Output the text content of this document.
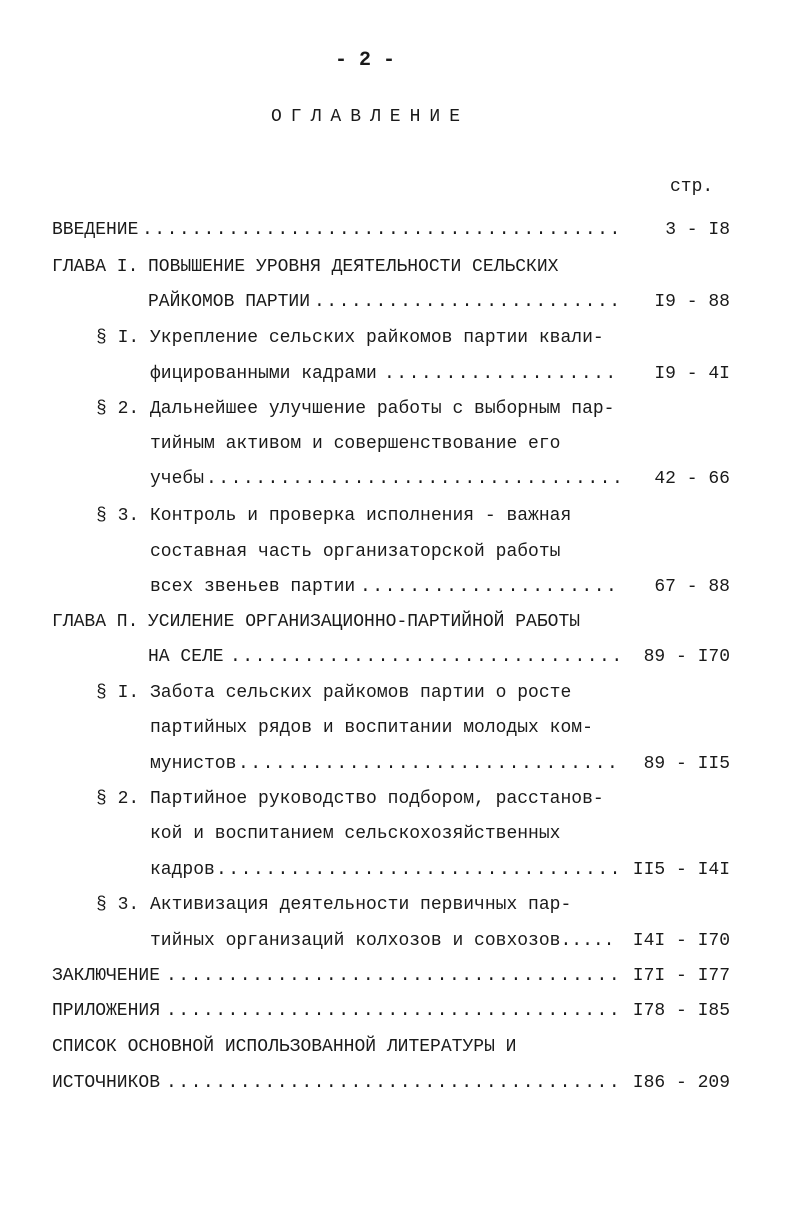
- 2 -
ОГЛАВЛЕНИЕ
стр.
ВВЕДЕНИЕ .....	3 - I8
ГЛАВА I. ПОВЫШЕНИЕ УРОВНЯ ДЕЯТЕЛЬНОСТИ СЕЛЬСКИХ
РАЙКОМОВ ПАРТИИ .....	I9 - 88
§ I. Укрепление сельских райкомов партии квали-
фицированными кадрами .....	I9 - 4I
§ 2. Дальнейшее улучшение работы с выборным пар-
тийным активом и совершенствование его
учебы .....	42 - 66
§ 3. Контроль и проверка исполнения - важная
составная часть организаторской работы
всех звеньев партии .....	67 - 88
ГЛАВА П. УСИЛЕНИЕ ОРГАНИЗАЦИОННО-ПАРТИЙНОЙ РАБОТЫ
НА СЕЛЕ .....	89 - I70
§ I. Забота сельских райкомов партии о росте
партийных рядов и воспитании молодых ком-
мунистов .....	89 - II5
§ 2. Партийное руководство подбором, расстанов-
кой и воспитанием сельскохозяйственных
кадров .....	II5 - I4I
§ 3. Активизация деятельности первичных пар-
тийных организаций колхозов и совхозов.....	I4I - I70
ЗАКЛЮЧЕНИЕ .....	I7I - I77
ПРИЛОЖЕНИЯ .....	I78 - I85
СПИСОК ОСНОВНОЙ ИСПОЛЬЗОВАННОЙ ЛИТЕРАТУРЫ И
ИСТОЧНИКОВ .....	I86 - 209
